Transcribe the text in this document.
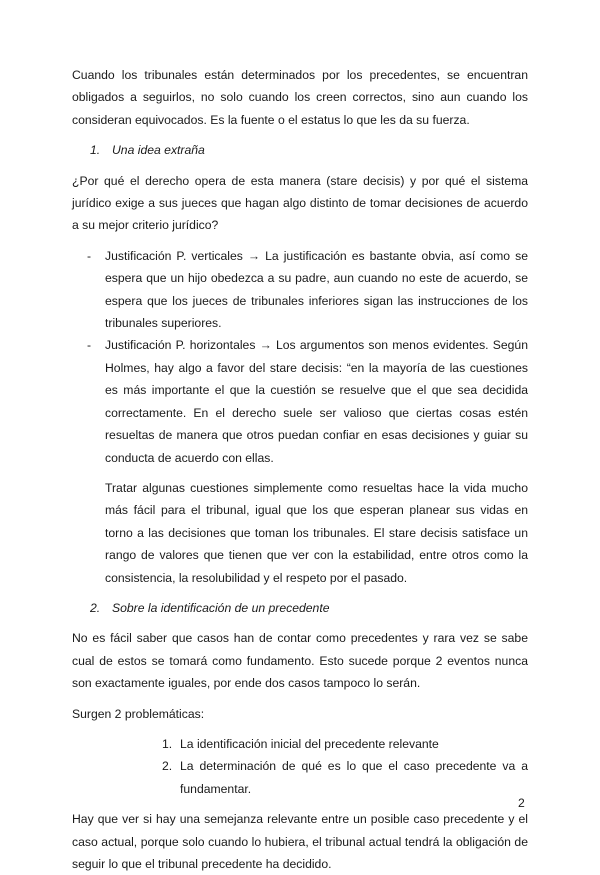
Cuando los tribunales están determinados por los precedentes, se encuentran obligados a seguirlos, no solo cuando los creen correctos, sino aun cuando los consideran equivocados. Es la fuente o el estatus lo que les da su fuerza.

1. Una idea extraña

¿Por qué el derecho opera de esta manera (stare decisis) y por qué el sistema jurídico exige a sus jueces que hagan algo distinto de tomar decisiones de acuerdo a su mejor criterio jurídico?

-	Justificación P. verticales → La justificación es bastante obvia, así como se espera que un hijo obedezca a su padre, aun cuando no este de acuerdo, se espera que los jueces de tribunales inferiores sigan las instrucciones de los tribunales superiores.
-	Justificación P. horizontales → Los argumentos son menos evidentes. Según Holmes, hay algo a favor del stare decisis: “en la mayoría de las cuestiones es más importante el que la cuestión se resuelve que el que sea decidida correctamente. En el derecho suele ser valioso que ciertas cosas estén resueltas de manera que otros puedan confiar en esas decisiones y guiar su conducta de acuerdo con ellas.

Tratar algunas cuestiones simplemente como resueltas hace la vida mucho más fácil para el tribunal, igual que los que esperan planear sus vidas en torno a las decisiones que toman los tribunales. El stare decisis satisface un rango de valores que tienen que ver con la estabilidad, entre otros como la consistencia, la resolubilidad y el respeto por el pasado.

2. Sobre la identificación de un precedente

No es fácil saber que casos han de contar como precedentes y rara vez se sabe cual de estos se tomará como fundamento. Esto sucede porque 2 eventos nunca son exactamente iguales, por ende dos casos tampoco lo serán.

Surgen 2 problemáticas:

1. La identificación inicial del precedente relevante
2. La determinación de qué es lo que el caso precedente va a fundamentar.

Hay que ver si hay una semejanza relevante entre un posible caso precedente y el caso actual, porque solo cuando lo hubiera, el tribunal actual tendrá la obligación de seguir lo que el tribunal precedente ha decidido.

2
